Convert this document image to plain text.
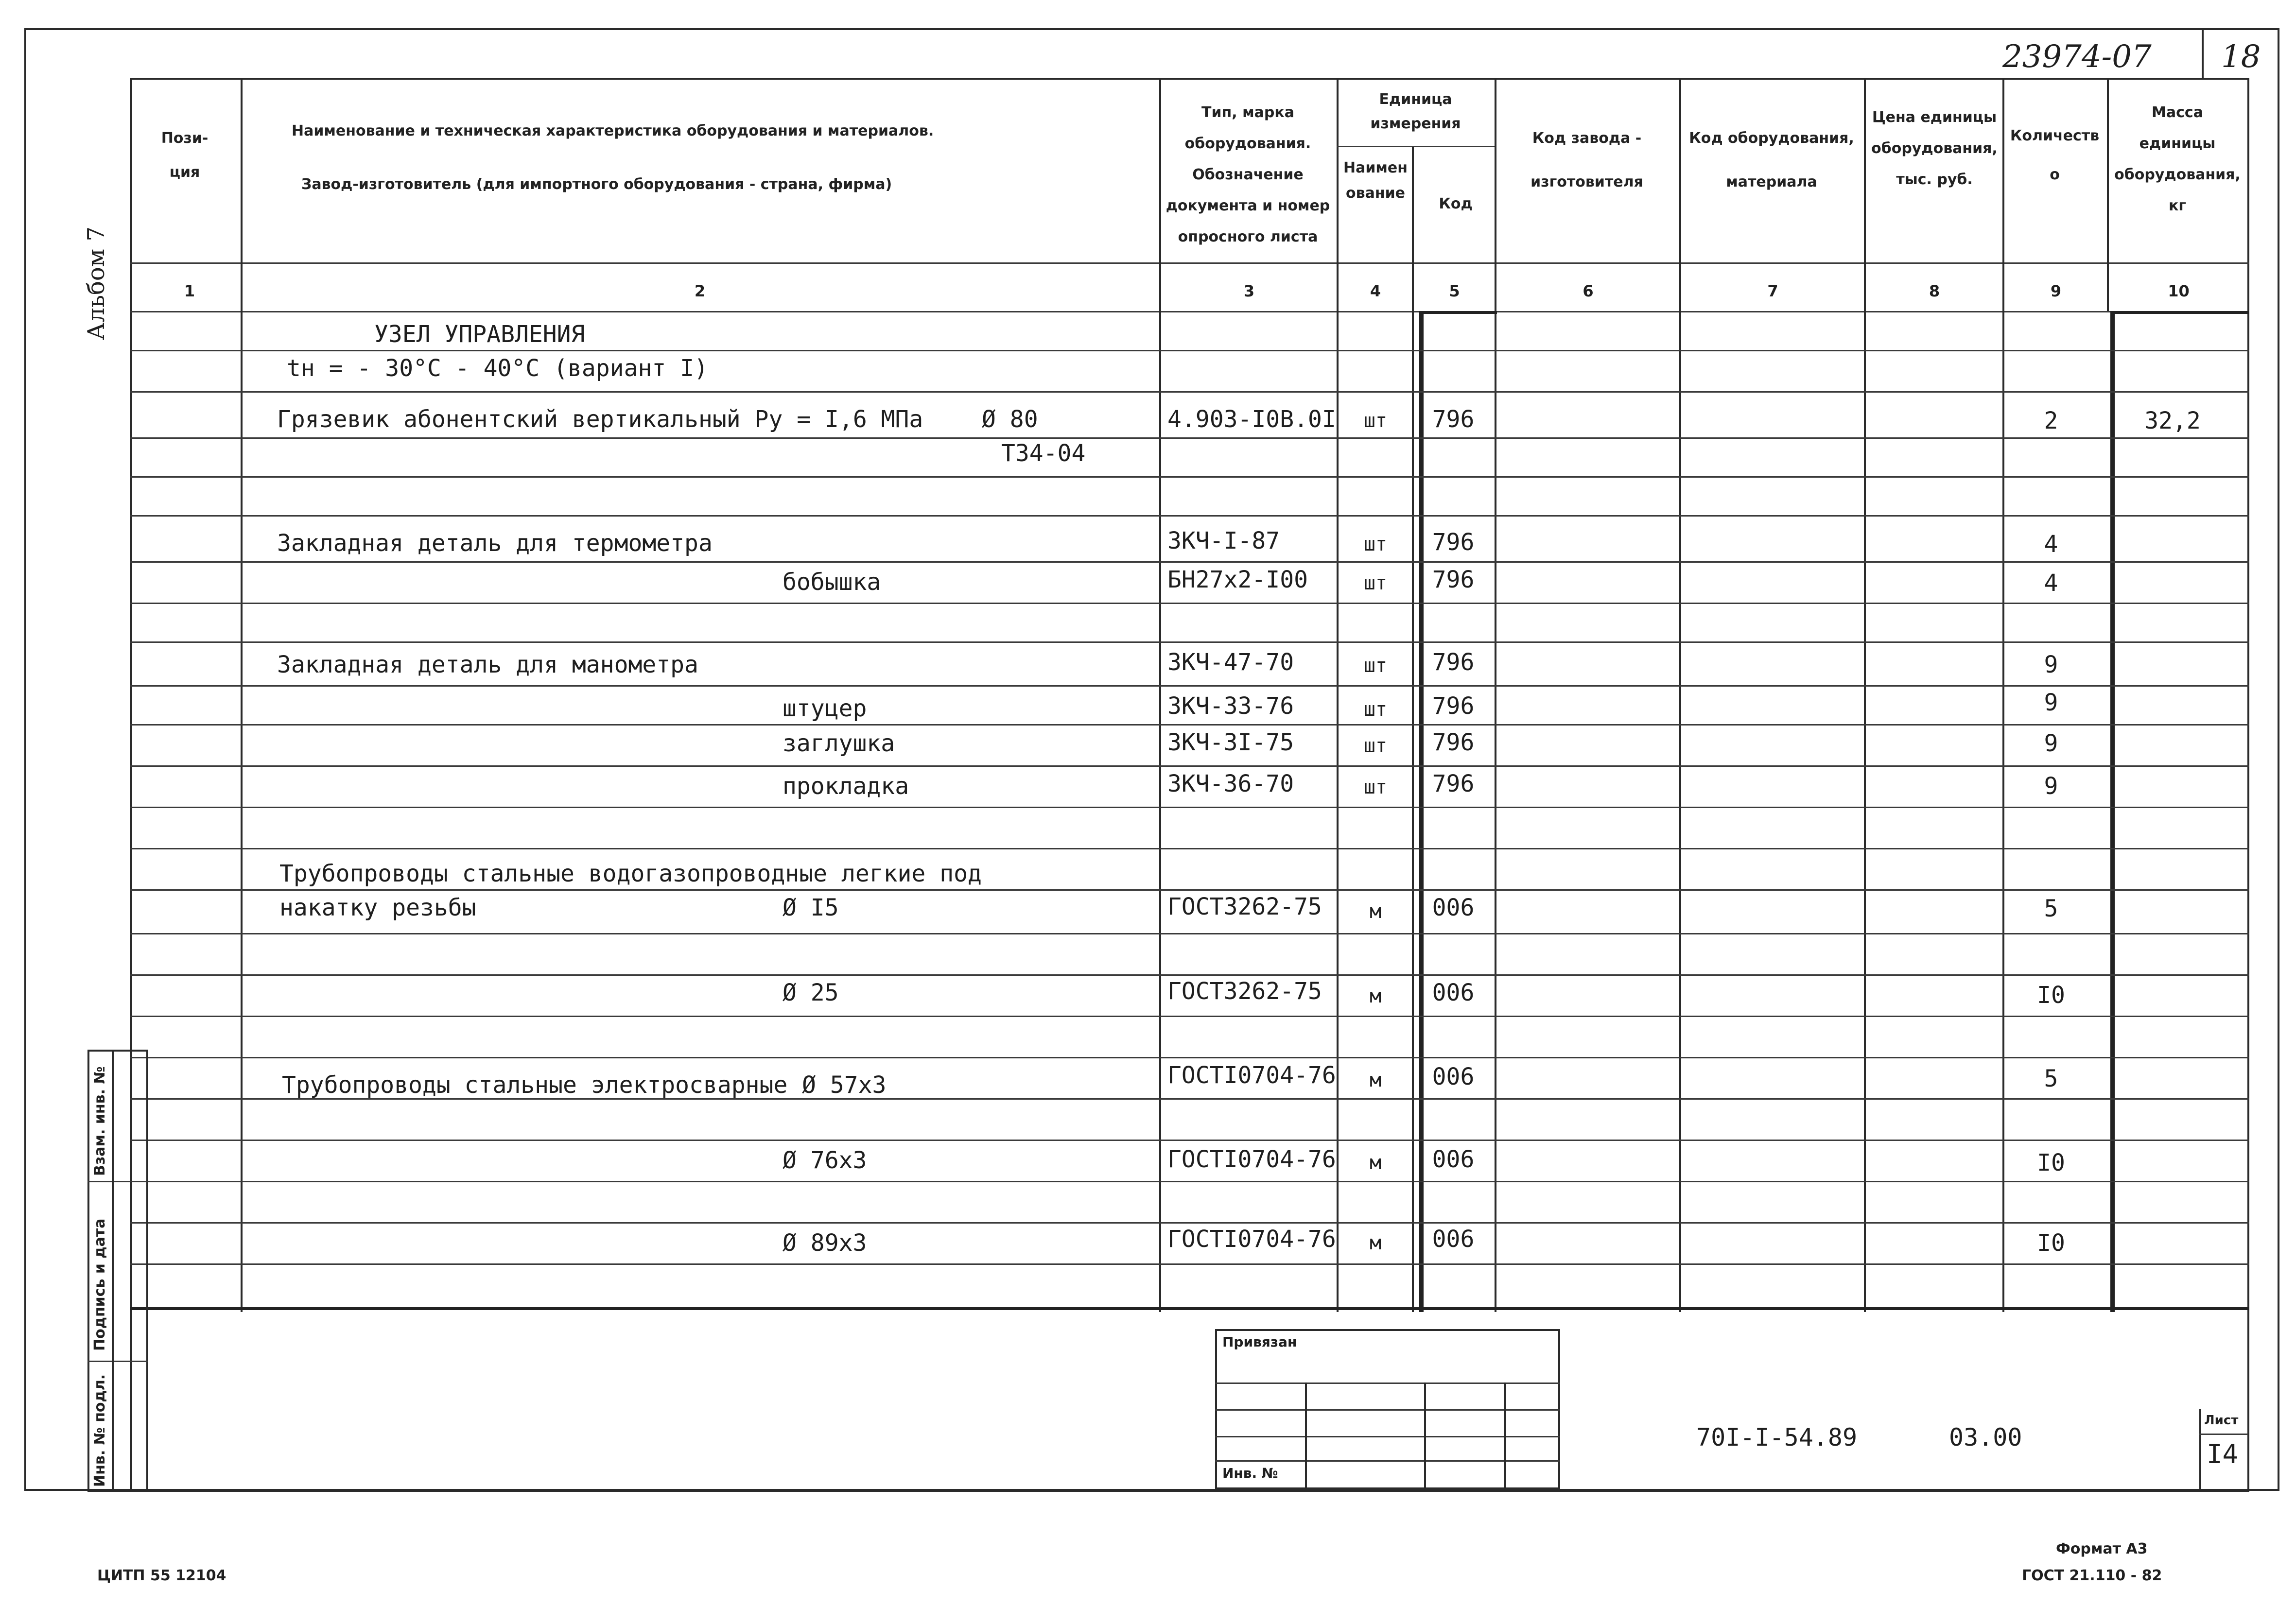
23974-07 18
Альбом 7
Пози- ция
Наименование и техническая характеристика оборудования и материалов.
Завод-изготовитель (для импортного оборудования - страна, фирма)
Тип, марка оборудования. Обозначение документа и номер опросного листа
Единица измерения
Наименование
Код
Код завода - изготовителя
Код оборудования, материала
Цена единицы оборудования, тыс. руб.
Количество
Масса единицы оборудования, кг
1	2	3	4	5	6	7	8	9	10
УЗЕЛ УПРАВЛЕНИЯ
tн = - 30°С - 40°С (вариант I)
Грязевик абонентский вертикальный Ру = I,6 МПа	Ø 80	4.903-I0В.0I	шт	796	2	32,2
Т34-04
Закладная деталь для термометра	ЗКЧ-I-87	шт	796	4
бобышка	БН27х2-I00	шт	796	4
Закладная деталь для манометра	ЗКЧ-47-70	шт	796	9
штуцер	ЗКЧ-33-76	шт	796	9
заглушка	ЗКЧ-3I-75	шт	796	9
прокладка	ЗКЧ-36-70	шт	796	9
Трубопроводы стальные водогазопроводные легкие под
накатку резьбы	Ø I5	ГОСТ3262-75	м	006	5
Ø 25	ГОСТ3262-75	м	006	I0
Трубопроводы стальные электросварные Ø 57х3	ГОСТI0704-76	м	006	5
Ø 76х3	ГОСТI0704-76	м	006	I0
Ø 89х3	ГОСТI0704-76	м	006	I0
Взам. инв. №
Подпись и дата
Инв. № подл.
Привязан
Инв. №
70I-I-54.89	03.00
Лист
I4
ЦИТП 55 12104
Формат А3
ГОСТ 21.110 - 82
